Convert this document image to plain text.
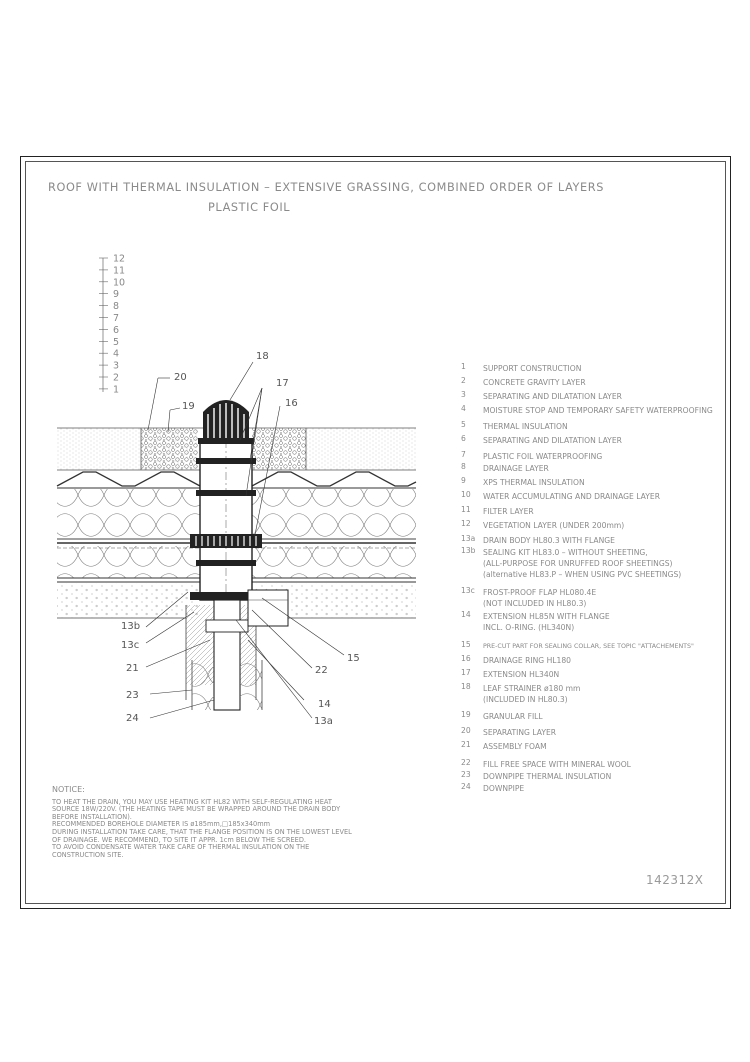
ROOF WITH THERMAL INSULATION – EXTENSIVE GRASSING, COMBINED ORDER OF LAYERS
PLASTIC FOIL
12
11
10
9
8
7
6
5
4
3
2
1
18
17
16
20
19
13b
13c
21	22
15
23
24
14
13a
1	SUPPORT CONSTRUCTION
2	CONCRETE GRAVITY LAYER
3	SEPARATING AND DILATATION LAYER
4	MOISTURE STOP AND TEMPORARY SAFETY WATERPROOFING
5	THERMAL INSULATION
6	SEPARATING AND DILATATION LAYER
7	PLASTIC FOIL WATERPROOFING
8	DRAINAGE LAYER
9	XPS THERMAL INSULATION
10	WATER ACCUMULATING AND DRAINAGE LAYER
11	FILTER LAYER
12	VEGETATION LAYER (UNDER 200mm)
13a	DRAIN BODY HL80.3 WITH FLANGE
13b SEALING KIT HL83.0 – WITHOUT SHEETING,
(ALL-PURPOSE FOR UNRUFFED ROOF SHEETINGS)
(alternative HL83.P – WHEN USING PVC SHEETINGS)
13c	FROST-PROOF FLAP HL080.4E
(NOT INCLUDED IN HL80.3)
14	EXTENSION HL85N WITH FLANGE
INCL. O-RING. (HL340N)
15	PRE-CUT PART FOR SEALING COLLAR, SEE TOPIC "ATTACHEMENTS"
16	DRAINAGE RING HL180
17	EXTENSION HL340N
18	LEAF STRAINER ø180 mm
(INCLUDED IN HL80.3)
19	GRANULAR FILL
20	SEPARATING LAYER
21	ASSEMBLY FOAM
22	FILL FREE SPACE WITH MINERAL WOOL
23	DOWNPIPE THERMAL INSULATION
24	DOWNPIPE
NOTICE:
TO HEAT THE DRAIN, YOU MAY USE HEATING KIT HL82 WITH SELF-REGULATING HEAT
SOURCE 18W/220V. (THE HEATING TAPE MUST BE WRAPPED AROUND THE DRAIN BODY
BEFORE INSTALLATION).
RECOMMENDED BOREHOLE DIAMETER IS ø185mm,□185x340mm
DURING INSTALLATION TAKE CARE, THAT THE FLANGE POSITION IS ON THE LOWEST LEVEL
OF DRAINAGE. WE RECOMMEND, TO SITE IT APPR. 1cm BELOW THE SCREED.
TO AVOID CONDENSATE WATER TAKE CARE OF THERMAL INSULATION ON THE
CONSTRUCTION SITE.
142312X
